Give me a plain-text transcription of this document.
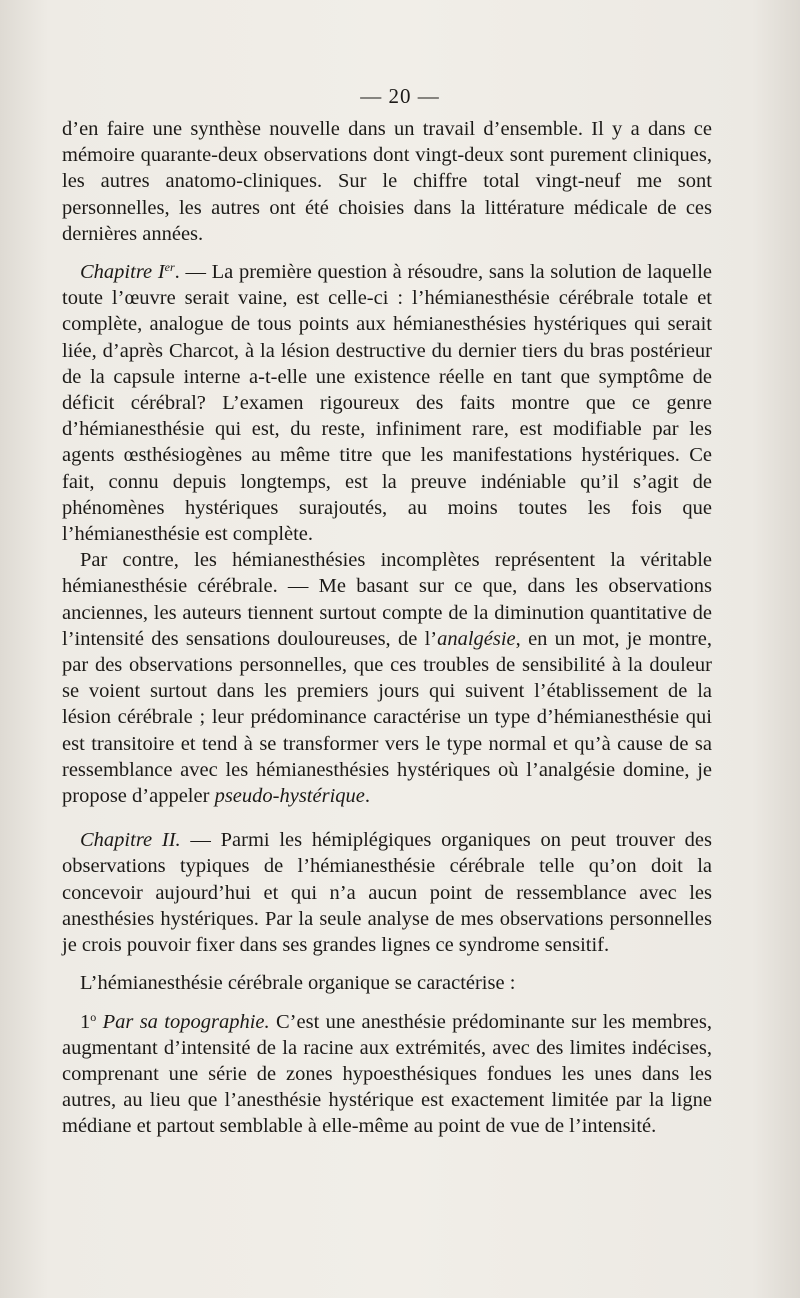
— 20 —

d’en faire une synthèse nouvelle dans un travail d’ensemble. Il y a dans ce mémoire quarante-deux observations dont vingt-deux sont purement cliniques, les autres anatomo-cliniques. Sur le chiffre total vingt-neuf me sont personnelles, les autres ont été choisies dans la littérature médicale de ces dernières années.

Chapitre Ier. — La première question à résoudre, sans la solution de laquelle toute l’œuvre serait vaine, est celle-ci : l’hémianesthésie cérébrale totale et complète, analogue de tous points aux hémianesthésies hystériques qui serait liée, d’après Charcot, à la lésion destructive du dernier tiers du bras postérieur de la capsule interne a-t-elle une existence réelle en tant que symptôme de déficit cérébral? L’examen rigoureux des faits montre que ce genre d’hémianesthésie qui est, du reste, infiniment rare, est modifiable par les agents œsthésiogènes au même titre que les manifestations hystériques. Ce fait, connu depuis longtemps, est la preuve indéniable qu’il s’agit de phénomènes hystériques surajoutés, au moins toutes les fois que l’hémianesthésie est complète.

Par contre, les hémianesthésies incomplètes représentent la véritable hémianesthésie cérébrale. — Me basant sur ce que, dans les observations anciennes, les auteurs tiennent surtout compte de la diminution quantitative de l’intensité des sensations douloureuses, de l’analgésie, en un mot, je montre, par des observations personnelles, que ces troubles de sensibilité à la douleur se voient surtout dans les premiers jours qui suivent l’établissement de la lésion cérébrale ; leur prédominance caractérise un type d’hémianesthésie qui est transitoire et tend à se transformer vers le type normal et qu’à cause de sa ressemblance avec les hémianesthésies hystériques où l’analgésie domine, je propose d’appeler pseudo-hystérique.

Chapitre II. — Parmi les hémiplégiques organiques on peut trouver des observations typiques de l’hémianesthésie cérébrale telle qu’on doit la concevoir aujourd’hui et qui n’a aucun point de ressemblance avec les anesthésies hystériques. Par la seule analyse de mes observations personnelles je crois pouvoir fixer dans ses grandes lignes ce syndrome sensitif.

L’hémianesthésie cérébrale organique se caractérise :

1$^o$ Par sa topographie. C’est une anesthésie prédominante sur les membres, augmentant d’intensité de la racine aux extrémités, avec des limites indécises, comprenant une série de zones hypoesthésiques fondues les unes dans les autres, au lieu que l’anesthésie hystérique est exactement limitée par la ligne médiane et partout semblable à elle-même au point de vue de l’intensité.
